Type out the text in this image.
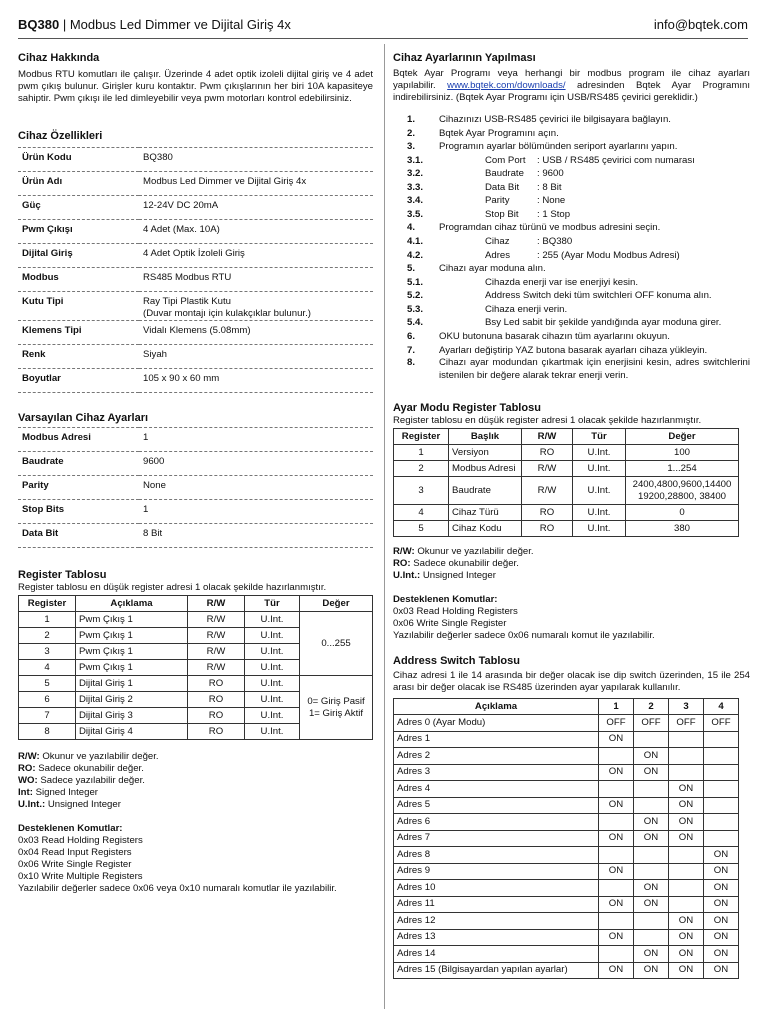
BQ380 | Modbus Led Dimmer ve Dijital Giriş 4x	info@bqtek.com
Cihaz Hakkında

Modbus RTU komutları ile çalışır. Üzerinde 4 adet optik izoleli dijital giriş ve 4 adet pwm çıkış bulunur. Girişler kuru kontaktır. Pwm çıkışlarının her biri 10A kapasiteye sahiptir. Pwm çıkışı ile led dimleyebilir veya pwm motorları kontrol edebilirsiniz.

Cihaz Özellikleri
Ürün Kodu	BQ380

Ürün Adı	Modbus Led Dimmer ve Dijital Giriş 4x

Güç	12-24V DC 20mA

Pwm Çıkışı	4 Adet (Max. 10A)

Dijital Giriş	4 Adet Optik İzoleli Giriş

Modbus	RS485 Modbus RTU

Kutu Tipi	Ray Tipi Plastik Kutu
(Duvar montajı için kulakçıklar bulunur.)

Klemens Tipi	Vidalı Klemens (5.08mm)

Renk	Siyah

Boyutlar	105 x 90 x 60 mm
Varsayılan Cihaz Ayarları
Modbus Adresi	1

Baudrate	9600

Parity	None

Stop Bits	1

Data Bit	8 Bit
Register Tablosu

Register tablosu en düşük register adresi 1 olacak şekilde hazırlanmıştır.

Register	Açıklama	R/W	Tür	Değer
1	Pwm Çıkış 1	R/W	U.Int.	0...255
2	Pwm Çıkış 1	R/W	U.Int.	
3	Pwm Çıkış 1	R/W	U.Int.	
4	Pwm Çıkış 1	R/W	U.Int.	
5	Dijital Giriş 1	RO	U.Int.	0= Giriş Pasif
1= Giriş Aktif

6	Dijital Giriş 2	RO	U.Int.	
7	Dijital Giriş 3	RO	U.Int.	
8	Dijital Giriş 4	RO	U.Int.	

R/W: Okunur ve yazılabilir değer.

RO: Sadece okunabilir değer.

WO: Sadece yazılabilir değer.

Int: Signed Integer

U.Int.: Unsigned Integer

Desteklenen Komutlar:

0x03 Read Holding Registers

0x04 Read Input Registers

0x06 Write Single Register

0x10 Write Multiple Registers

Yazılabilir değerler sadece 0x06 veya 0x10 numaralı komutlar ile yazılabilir.

Cihaz Ayarlarının Yapılması

Bqtek Ayar Programı veya herhangi bir modbus program ile cihaz ayarları yapılabilir. www.bqtek.com/downloads/ adresinden Bqtek Ayar Programını indirebilirsiniz. (Bqtek Ayar Programı için USB/RS485 çevirici gereklidir.)

1. Cihazınızı USB-RS485 çevirici ile bilgisayara bağlayın.
2. Bqtek Ayar Programını açın.
3. Programın ayarlar bölümünden seriport ayarlarını yapın.
3.1.	Com Port : USB / RS485 çevirici com numarası
3.2.	Baudrate : 9600
3.3.	Data Bit : 8 Bit
3.4.	Parity	: None
3.5.	Stop Bit : 1 Stop
4. Programdan cihaz türünü ve modbus adresini seçin.
4.1.	Cihaz	: BQ380
4.2.	Adres	: 255 (Ayar Modu Modbus Adresi)
5. Cihazı ayar moduna alın.
5.1.	Cihazda enerji var ise enerjiyi kesin.
5.2.	Address Switch deki tüm switchleri OFF konuma alın.
5.3.	Cihaza enerji verin.
5.4.	Bsy Led sabit bir şekilde yandığında ayar moduna girer.
6. OKU butonuna basarak cihazın tüm ayarlarını okuyun.
7. Ayarları değiştirip YAZ butona basarak ayarları cihaza yükleyin.
8. Cihazı ayar modundan çıkartmak için enerjisini kesin, adres switchlerini istenilen bir değere alarak tekrar enerji verin.
Ayar Modu Register Tablosu

Register tablosu en düşük register adresi 1 olacak şekilde hazırlanmıştır.

Register	Başlık	R/W	Tür	Değer
1	Versiyon	RO	U.Int.	100

2	Modbus Adresi	R/W	U.Int.	1...254

3	Baudrate	R/W	U.Int.	2400,4800,9600,14400
19200,28800, 38400

4	Cihaz Türü	RO	U.Int.	0

5	Cihaz Kodu	RO	U.Int.	380

R/W: Okunur ve yazılabilir değer.

RO: Sadece okunabilir değer.

U.Int.: Unsigned Integer

Desteklenen Komutlar:

0x03 Read Holding Registers

0x06 Write Single Register

Yazılabilir değerler sadece 0x06 numaralı komut ile yazılabilir.

Address Switch Tablosu

Cihaz adresi 1 ile 14 arasında bir değer olacak ise dip switch üzerinden, 15 ile 254 arası bir değer olacak ise RS485 üzerinden ayar yapılarak kullanılır.

Açıklama	1	2	3	4
Adres 0 (Ayar Modu)	OFF	OFF	OFF	OFF
Adres 1	ON			
Adres 2		ON		
Adres 3	ON	ON		
Adres 4			ON	
Adres 5	ON		ON	
Adres 6		ON	ON	
Adres 7	ON	ON	ON	
Adres 8				ON
Adres 9	ON			ON
Adres 10		ON		ON
Adres 11	ON	ON		ON
Adres 12			ON	ON
Adres 13	ON		ON	ON
Adres 14		ON	ON	ON
Adres 15 (Bilgisayardan yapılan ayarlar)	ON	ON	ON	ON
